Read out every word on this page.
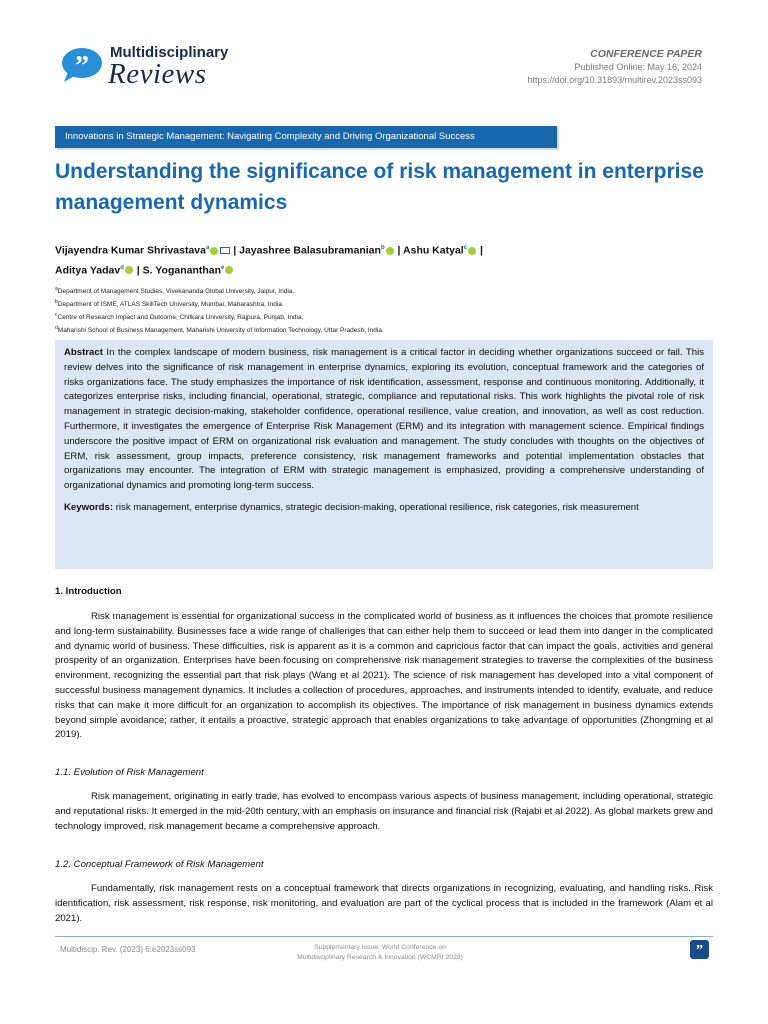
” Multidisciplinary
Reviews
CONFERENCE PAPER
Published Online: May 16, 2024
https://doi.org/10.31893/multirev.2023ss093
Innovations in Strategic Management: Navigating Complexity and Driving Organizational Success
Understanding the significance of risk management in enterprise management dynamics
Vijayendra Kumar Shrivastava$^a$ | Jayashree Balasubramanian$^b$ | Ashu Katyal$^c$ |
Aditya Yadav$^d$ | S. Yogananthan$^e$
$^a$Department of Management Studies, Vivekananda Global University, Jaipur, India.
$^b$Department of ISME, ATLAS SkillTech University, Mumbai, Maharashtra, India.
$^c$Centre of Research Impact and Outcome, Chitkara University, Rajpura, Punjab, India.
$^d$Maharishi School of Business Management, Maharishi University of Information Technology, Uttar Pradesh, India.
Abstract In the complex landscape of modern business, risk management is a critical factor in deciding whether organizations succeed or fail. This review delves into the significance of risk management in enterprise dynamics, exploring its evolution, conceptual framework and the categories of risks organizations face. The study emphasizes the importance of risk identification, assessment, response and continuous monitoring. Additionally, it categorizes enterprise risks, including financial, operational, strategic, compliance and reputational risks. This work highlights the pivotal role of risk management in strategic decision-making, stakeholder confidence, operational resilience, value creation, and innovation, as well as cost reduction. Furthermore, it investigates the emergence of Enterprise Risk Management (ERM) and its integration with management science. Empirical findings underscore the positive impact of ERM on organizational risk evaluation and management. The study concludes with thoughts on the objectives of ERM, risk assessment, group impacts, preference consistency, risk management frameworks and potential implementation obstacles that organizations may encounter. The integration of ERM with strategic management is emphasized, providing a comprehensive understanding of organizational dynamics and promoting long-term success.
Keywords: risk management, enterprise dynamics, strategic decision-making, operational resilience, risk categories, risk measurement
1. Introduction
Risk management is essential for organizational success in the complicated world of business as it influences the choices that promote resilience and long-term sustainability. Businesses face a wide range of challenges that can either help them to succeed or lead them into danger in the complicated and dynamic world of business. These difficulties, risk is apparent as it is a common and capricious factor that can impact the goals, activities and general prosperity of an organization. Enterprises have been focusing on comprehensive risk management strategies to traverse the complexities of the business environment, recognizing the essential part that risk plays (Wang et al 2021). The science of risk management has developed into a vital component of successful business management dynamics. It includes a collection of procedures, approaches, and instruments intended to identify, evaluate, and reduce risks that can make it more difficult for an organization to accomplish its objectives. The importance of risk management in business dynamics extends beyond simple avoidance; rather, it entails a proactive, strategic approach that enables organizations to take advantage of opportunities (Zhongming et al 2019).
1.1. Evolution of Risk Management
Risk management, originating in early trade, has evolved to encompass various aspects of business management, including operational, strategic and reputational risks. It emerged in the mid-20th century, with an emphasis on insurance and financial risk (Rajabi et al 2022). As global markets grew and technology improved, risk management became a comprehensive approach.
1.2. Conceptual Framework of Risk Management
Fundamentally, risk management rests on a conceptual framework that directs organizations in recognizing, evaluating, and handling risks. Risk identification, risk assessment, risk response, risk monitoring, and evaluation are part of the cyclical process that is included in the framework (Alam et al 2021).
Multidiscip. Rev. (2023) 6:e2023ss093	Supplementary Issue: World Conference on
Multidisciplinary Research & Innovation (WCMRI 2023)	”
